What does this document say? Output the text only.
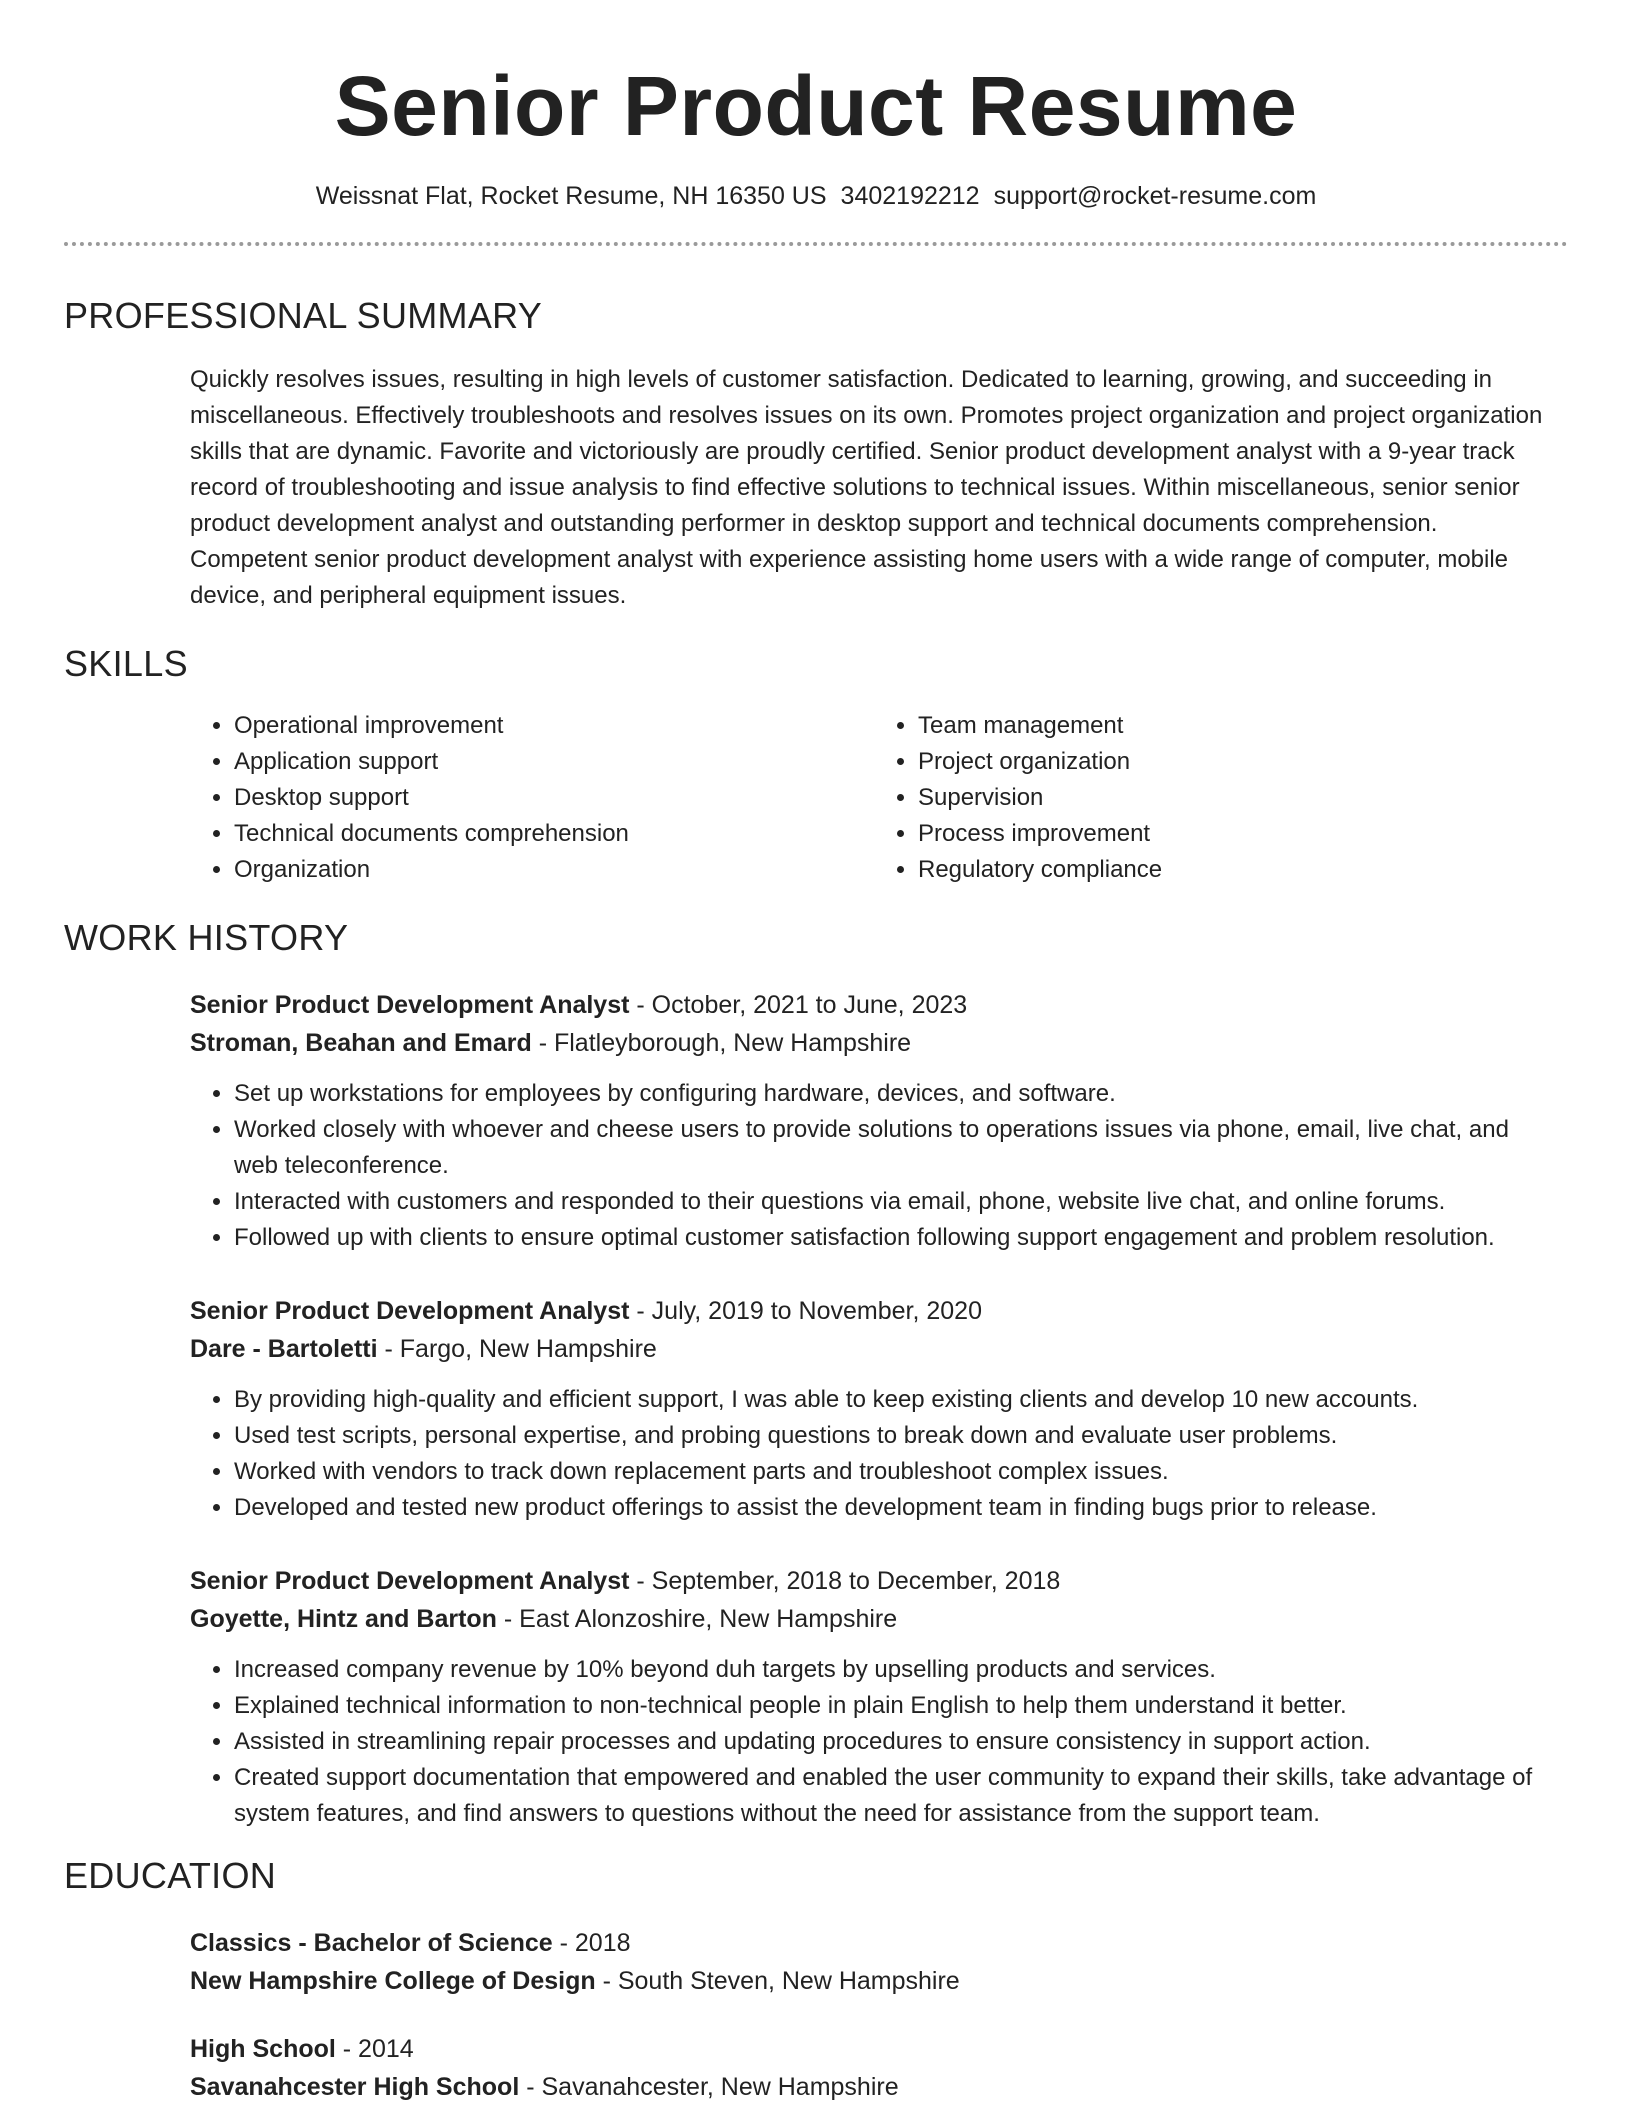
Senior Product Resume
Weissnat Flat, Rocket Resume, NH 16350 US 3402192212 support@rocket-resume.com
PROFESSIONAL SUMMARY
Quickly resolves issues, resulting in high levels of customer satisfaction. Dedicated to learning, growing, and succeeding in miscellaneous. Effectively troubleshoots and resolves issues on its own. Promotes project organization and project organization skills that are dynamic. Favorite and victoriously are proudly certified. Senior product development analyst with a 9-year track record of troubleshooting and issue analysis to find effective solutions to technical issues. Within miscellaneous, senior senior product development analyst and outstanding performer in desktop support and technical documents comprehension. Competent senior product development analyst with experience assisting home users with a wide range of computer, mobile device, and peripheral equipment issues.
SKILLS
• Operational improvement
• Application support
• Desktop support
• Technical documents comprehension
• Organization
• Team management
• Project organization
• Supervision
• Process improvement
• Regulatory compliance
WORK HISTORY
Senior Product Development Analyst - October, 2021 to June, 2023
Stroman, Beahan and Emard - Flatleyborough, New Hampshire
• Set up workstations for employees by configuring hardware, devices, and software.
• Worked closely with whoever and cheese users to provide solutions to operations issues via phone, email, live chat, and web teleconference.
• Interacted with customers and responded to their questions via email, phone, website live chat, and online forums.
• Followed up with clients to ensure optimal customer satisfaction following support engagement and problem resolution.
Senior Product Development Analyst - July, 2019 to November, 2020
Dare - Bartoletti - Fargo, New Hampshire
• By providing high-quality and efficient support, I was able to keep existing clients and develop 10 new accounts.
• Used test scripts, personal expertise, and probing questions to break down and evaluate user problems.
• Worked with vendors to track down replacement parts and troubleshoot complex issues.
• Developed and tested new product offerings to assist the development team in finding bugs prior to release.
Senior Product Development Analyst - September, 2018 to December, 2018
Goyette, Hintz and Barton - East Alonzoshire, New Hampshire
• Increased company revenue by 10% beyond duh targets by upselling products and services.
• Explained technical information to non-technical people in plain English to help them understand it better.
• Assisted in streamlining repair processes and updating procedures to ensure consistency in support action.
• Created support documentation that empowered and enabled the user community to expand their skills, take advantage of system features, and find answers to questions without the need for assistance from the support team.
EDUCATION
Classics - Bachelor of Science - 2018
New Hampshire College of Design - South Steven, New Hampshire
High School - 2014
Savanahcester High School - Savanahcester, New Hampshire
